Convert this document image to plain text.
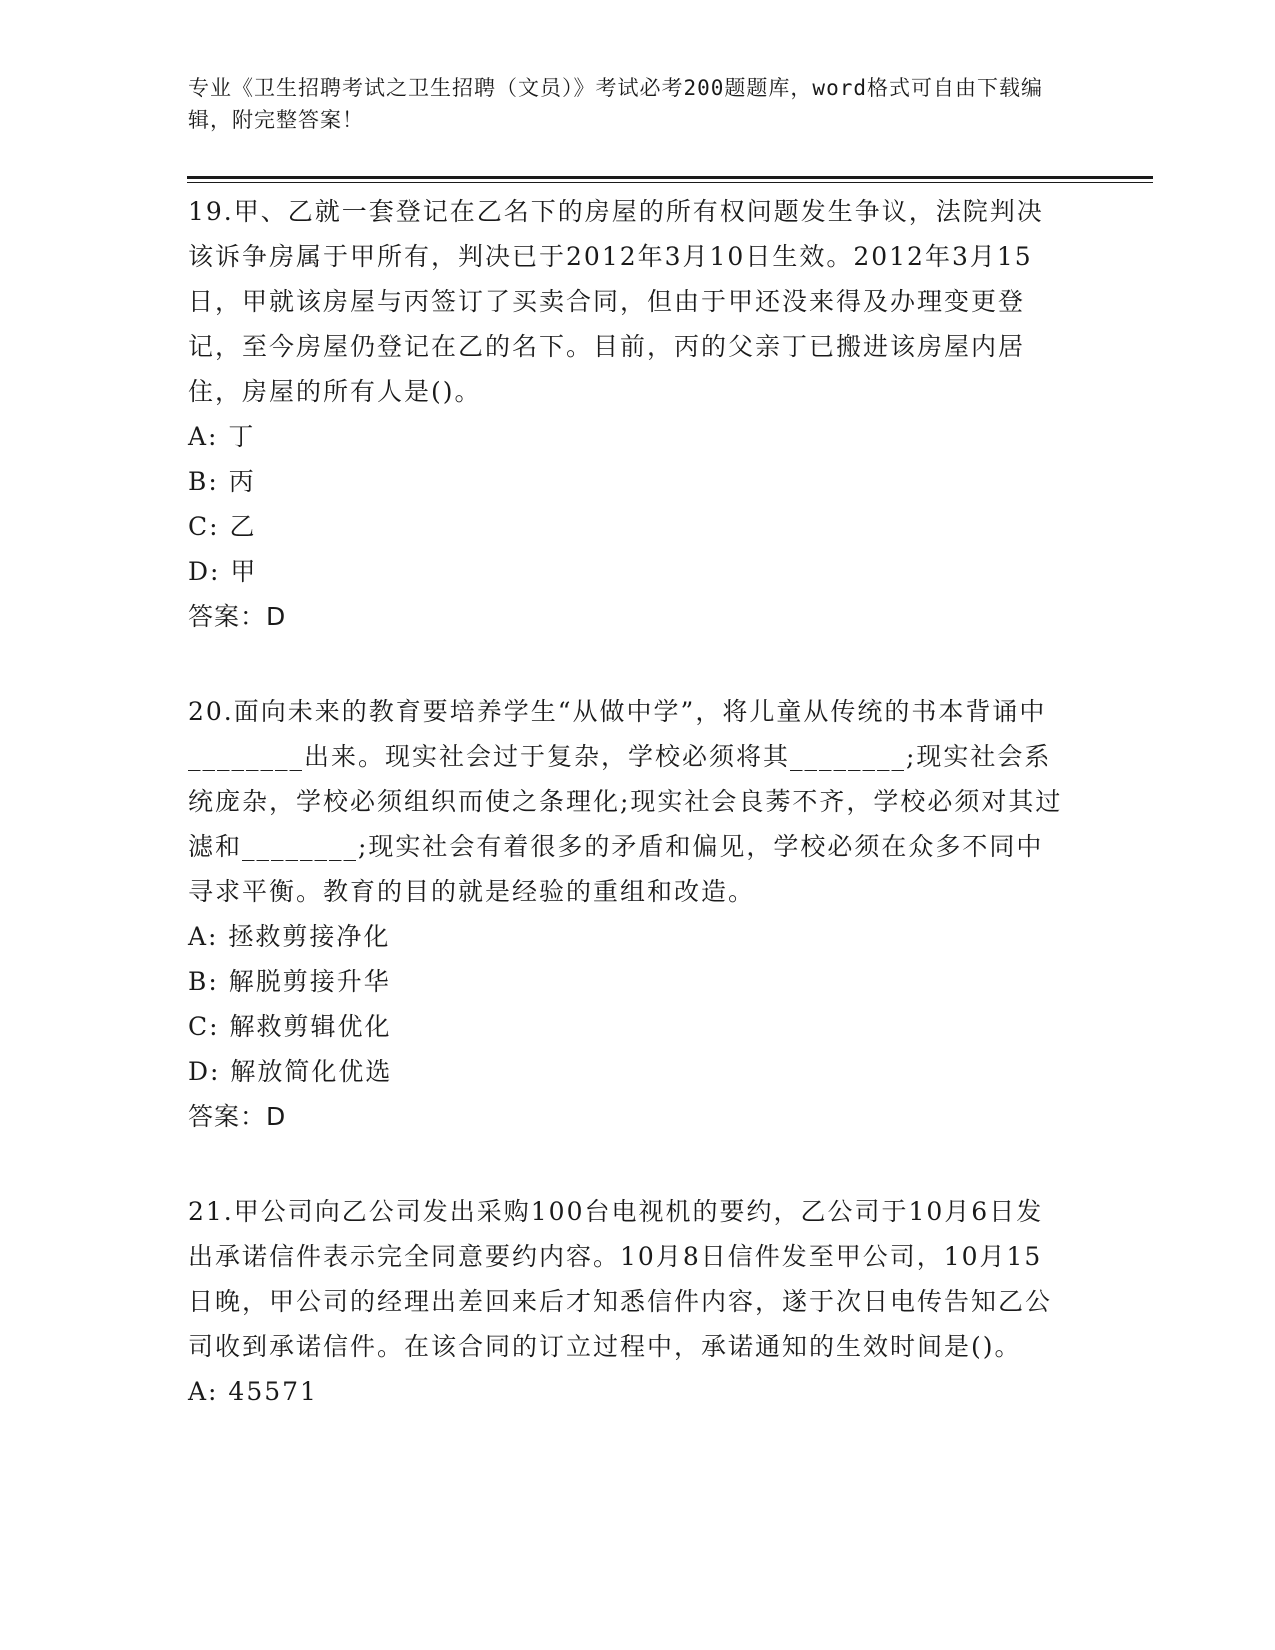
专业《卫生招聘考试之卫生招聘（文员）》考试必考200题题库，word格式可自由下载编辑，附完整答案！
19.甲、乙就一套登记在乙名下的房屋的所有权问题发生争议，法院判决该诉争房属于甲所有，判决已于2012年3月10日生效。2012年3月15日，甲就该房屋与丙签订了买卖合同，但由于甲还没来得及办理变更登记，至今房屋仍登记在乙的名下。目前，丙的父亲丁已搬进该房屋内居住，房屋的所有人是()。
A: 丁
B: 丙
C: 乙
D: 甲
答案：D
20.面向未来的教育要培养学生“从做中学”，将儿童从传统的书本背诵中________出来。现实社会过于复杂，学校必须将其________;现实社会系统庞杂，学校必须组织而使之条理化;现实社会良莠不齐，学校必须对其过滤和________;现实社会有着很多的矛盾和偏见，学校必须在众多不同中寻求平衡。教育的目的就是经验的重组和改造。
A: 拯救剪接净化
B: 解脱剪接升华
C: 解救剪辑优化
D: 解放简化优选
答案：D
21.甲公司向乙公司发出采购100台电视机的要约，乙公司于10月6日发出承诺信件表示完全同意要约内容。10月8日信件发至甲公司，10月15日晚，甲公司的经理出差回来后才知悉信件内容，遂于次日电传告知乙公司收到承诺信件。在该合同的订立过程中，承诺通知的生效时间是()。
A: 45571
